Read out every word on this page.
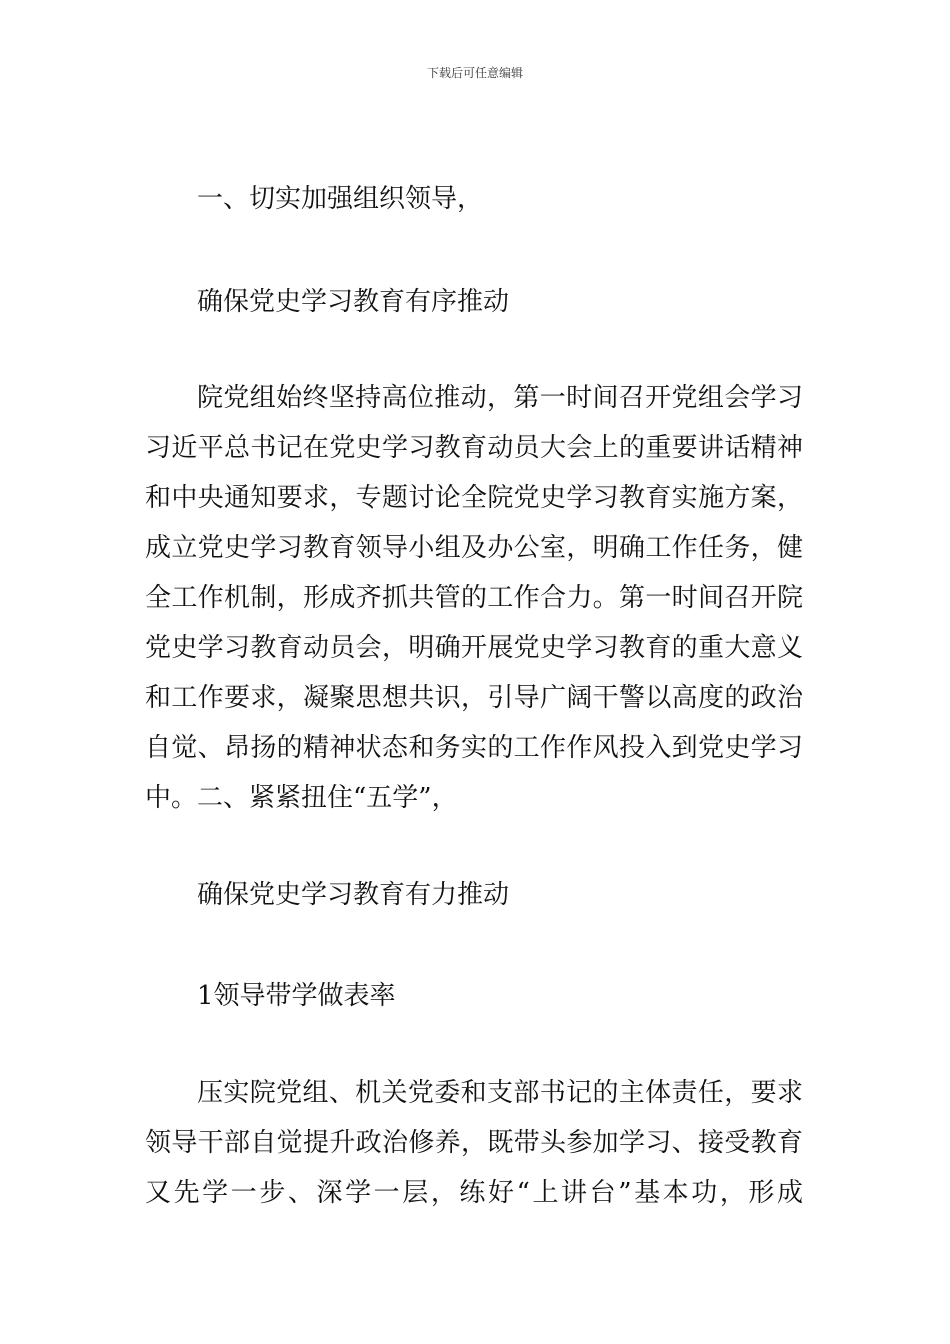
下载后可任意编辑
一、切实加强组织领导，
确保党史学习教育有序推动
院党组始终坚持高位推动，第一时间召开党组会学习
习近平总书记在党史学习教育动员大会上的重要讲话精神
和中央通知要求，专题讨论全院党史学习教育实施方案，
成立党史学习教育领导小组及办公室，明确工作任务，健
全工作机制，形成齐抓共管的工作合力。第一时间召开院
党史学习教育动员会，明确开展党史学习教育的重大意义
和工作要求，凝聚思想共识，引导广阔干警以高度的政治
自觉、昂扬的精神状态和务实的工作作风投入到党史学习
中。二、紧紧扭住“五学”，
确保党史学习教育有力推动
1领导带学做表率
压实院党组、机关党委和支部书记的主体责任，要求
领导干部自觉提升政治修养，既带头参加学习、接受教育
又先学一步、深学一层，练好“上讲台”基本功，形成
